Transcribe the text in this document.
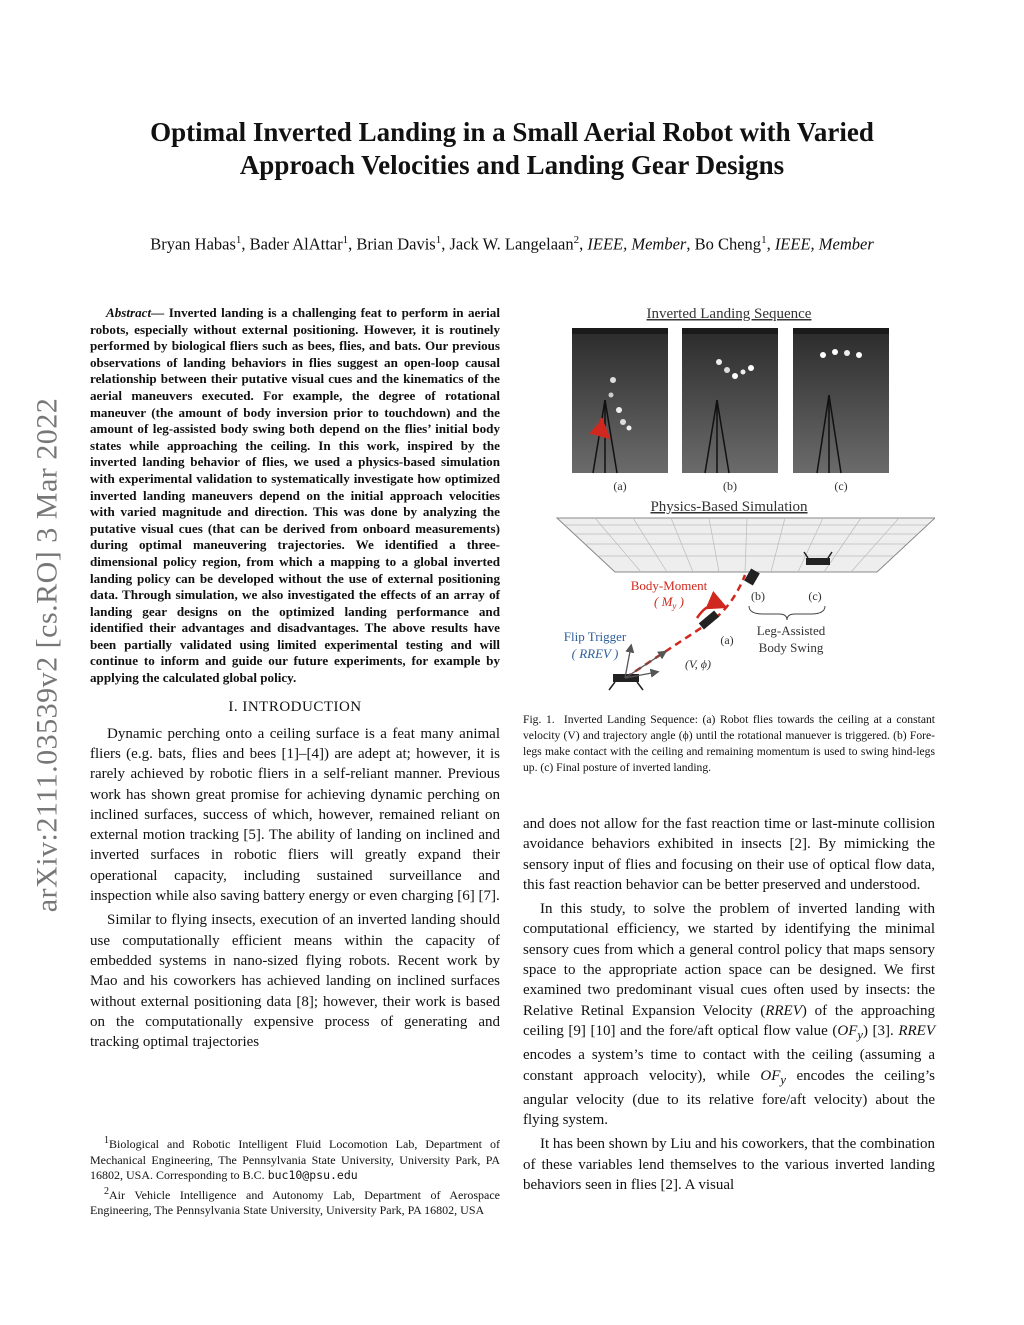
arXiv:2111.03539v2 [cs.RO] 3 Mar 2022
Optimal Inverted Landing in a Small Aerial Robot with Varied
Approach Velocities and Landing Gear Designs
Bryan Habas$^1$, Bader AlAttar$^1$, Brian Davis$^1$, Jack W. Langelaan$^2$, IEEE, Member, Bo Cheng$^1$, IEEE, Member

Abstract— Inverted landing is a challenging feat to perform in aerial robots, especially without external positioning. However, it is routinely performed by biological fliers such as bees, flies, and bats. Our previous observations of landing behaviors in flies suggest an open-loop causal relationship between their putative visual cues and the kinematics of the aerial maneuvers executed. For example, the degree of rotational maneuver (the amount of body inversion prior to touchdown) and the amount of leg-assisted body swing both depend on the flies’ initial body states while approaching the ceiling. In this work, inspired by the inverted landing behavior of flies, we used a physics-based simulation with experimental validation to systematically investigate how optimized inverted landing maneuvers depend on the initial approach velocities with varied magnitude and direction. This was done by analyzing the putative visual cues (that can be derived from onboard measurements) during optimal maneuvering trajectories. We identified a three-dimensional policy region, from which a mapping to a global inverted landing policy can be developed without the use of external positioning data. Through simulation, we also investigated the effects of an array of landing gear designs on the optimized landing performance and identified their advantages and disadvantages. The above results have been partially validated using limited experimental testing and will continue to inform and guide our future experiments, for example by applying the calculated global policy.

I. INTRODUCTION

Dynamic perching onto a ceiling surface is a feat many animal fliers (e.g. bats, flies and bees [1]–[4]) are adept at; however, it is rarely achieved by robotic fliers in a self-reliant manner. Previous work has shown great promise for achieving dynamic perching on inclined surfaces, success of which, however, remained reliant on external motion tracking [5]. The ability of landing on inclined and inverted surfaces in robotic fliers will greatly expand their operational capacity, including sustained surveillance and inspection while also saving battery energy or even charging [6] [7].

Similar to flying insects, execution of an inverted landing should use computationally efficient means within the capacity of embedded systems in nano-sized flying robots. Recent work by Mao and his coworkers has achieved landing on inclined surfaces without external positioning data [8]; however, their work is based on the computationally expensive process of generating and tracking optimal trajectories

$^1$Biological and Robotic Intelligent Fluid Locomotion Lab, Department of Mechanical Engineering, The Pennsylvania State University, University Park, PA 16802, USA. Corresponding to B.C. buc10@psu.edu

$^2$Air Vehicle Intelligence and Autonomy Lab, Department of Aerospace Engineering, The Pennsylvania State University, University Park, PA 16802, USA

Inverted Landing Sequence
(a)	(b)	(c)
Physics-Based Simulation
Body-Moment
( $M_y$ )
Flip Trigger
( RREV )
(V, ϕ)
(a)
(b)	(c)
Leg-Assisted
Body Swing

Fig. 1. Inverted Landing Sequence: (a) Robot flies towards the ceiling at a constant velocity (V) and trajectory angle (ϕ) until the rotational manuever is triggered. (b) Fore-legs make contact with the ceiling and remaining momentum is used to swing hind-legs up. (c) Final posture of inverted landing.

and does not allow for the fast reaction time or last-minute collision avoidance behaviors exhibited in insects [2]. By mimicking the sensory input of flies and focusing on their use of optical flow data, this fast reaction behavior can be better preserved and understood.

In this study, to solve the problem of inverted landing with computational efficiency, we started by identifying the minimal sensory cues from which a general control policy that maps sensory space to the appropriate action space can be designed. We first examined two predominant visual cues often used by insects: the Relative Retinal Expansion Velocity (RREV) of the approaching ceiling [9] [10] and the fore/aft optical flow value $(OF_y)$ [3]. RREV encodes a system’s time to contact with the ceiling (assuming a constant approach velocity), while $OF_y$ encodes the ceiling’s angular velocity (due to its relative fore/aft velocity) about the flying system.

It has been shown by Liu and his coworkers, that the combination of these variables lend themselves to the various inverted landing behaviors seen in flies [2]. A visual
